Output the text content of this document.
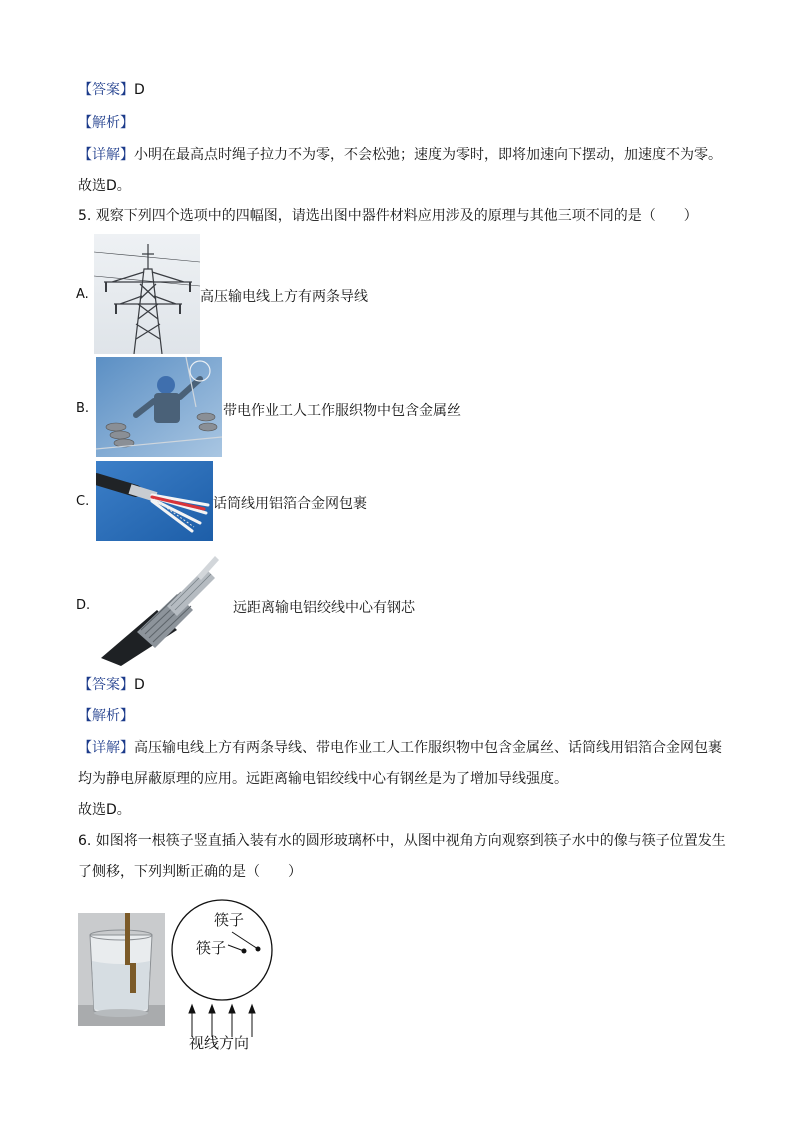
【答案】D
【解析】
【详解】小明在最高点时绳子拉力不为零，不会松弛；速度为零时，即将加速向下摆动，加速度不为零。
故选D。
5. 观察下列四个选项中的四幅图，请选出图中器件材料应用涉及的原理与其他三项不同的是（　　）
A.	高压输电线上方有两条导线
B.	带电作业工人工作服织物中包含金属丝
C.	话筒线用铝箔合金网包裹
D.	远距离输电铝绞线中心有钢芯
【答案】D
【解析】
【详解】高压输电线上方有两条导线、带电作业工人工作服织物中包含金属丝、话筒线用铝箔合金网包裹
均为静电屏蔽原理的应用。远距离输电铝绞线中心有钢丝是为了增加导线强度。
故选D。
6. 如图将一根筷子竖直插入装有水的圆形玻璃杯中，从图中视角方向观察到筷子水中的像与筷子位置发生
了侧移，下列判断正确的是（　　）
筷子
筷子
视线方向
